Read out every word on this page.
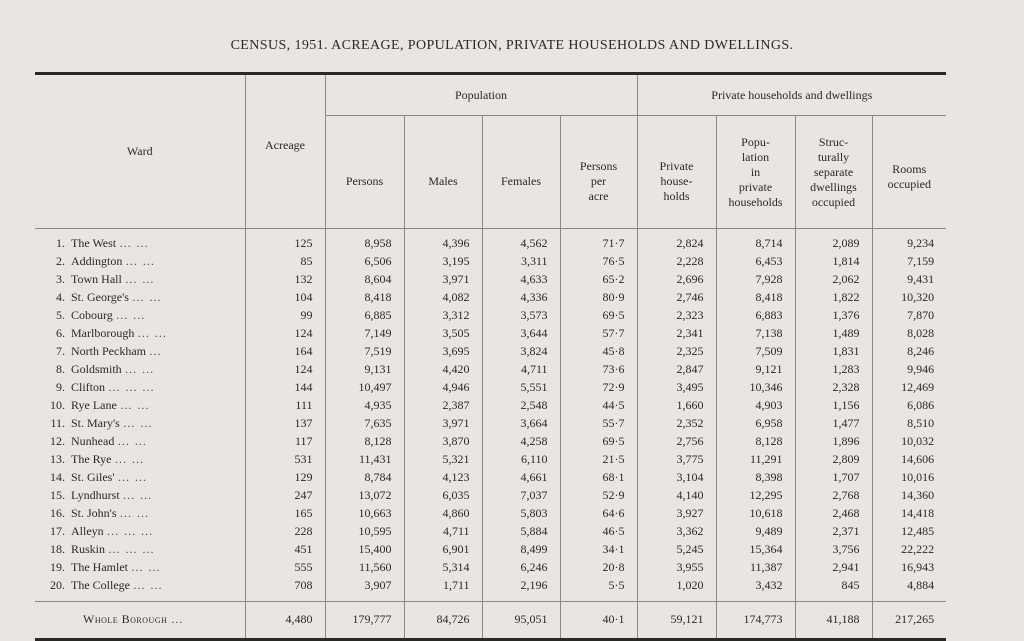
CENSUS, 1951. ACREAGE, POPULATION, PRIVATE HOUSEHOLDS AND DWELLINGS.
Ward		Population				Private households and dwellings			
	Acreage	Persons	Males	Females	Persons
per
acre	Private
house-
holds	Popu-
lation
in
private
households	Struc-
turally
separate
dwellings
occupied	Rooms
occupied

1. The West … …	125	8,958	4,396	4,562	71·7	2,824	8,714	2,089	9,234
2. Addington … …	85	6,506	3,195	3,311	76·5	2,228	6,453	1,814	7,159
3. Town Hall … …	132	8,604	3,971	4,633	65·2	2,696	7,928	2,062	9,431
4. St. George's … …	104	8,418	4,082	4,336	80·9	2,746	8,418	1,822	10,320
5. Cobourg … …	99	6,885	3,312	3,573	69·5	2,323	6,883	1,376	7,870
6. Marlborough … …	124	7,149	3,505	3,644	57·7	2,341	7,138	1,489	8,028
7. North Peckham …	164	7,519	3,695	3,824	45·8	2,325	7,509	1,831	8,246
8. Goldsmith … …	124	9,131	4,420	4,711	73·6	2,847	9,121	1,283	9,946
9. Clifton … … …	144	10,497	4,946	5,551	72·9	3,495	10,346	2,328	12,469
10. Rye Lane … …	111	4,935	2,387	2,548	44·5	1,660	4,903	1,156	6,086
11. St. Mary's … …	137	7,635	3,971	3,664	55·7	2,352	6,958	1,477	8,510
12. Nunhead … …	117	8,128	3,870	4,258	69·5	2,756	8,128	1,896	10,032
13. The Rye … …	531	11,431	5,321	6,110	21·5	3,775	11,291	2,809	14,606
14. St. Giles' … …	129	8,784	4,123	4,661	68·1	3,104	8,398	1,707	10,016
15. Lyndhurst … …	247	13,072	6,035	7,037	52·9	4,140	12,295	2,768	14,360
16. St. John's … …	165	10,663	4,860	5,803	64·6	3,927	10,618	2,468	14,418
17. Alleyn … … …	228	10,595	4,711	5,884	46·5	3,362	9,489	2,371	12,485
18. Ruskin … … …	451	15,400	6,901	8,499	34·1	5,245	15,364	3,756	22,222
19. The Hamlet … …	555	11,560	5,314	6,246	20·8	3,955	11,387	2,941	16,943
20. The College … …	708	3,907	1,711	2,196	5·5	1,020	3,432	845	4,884

Whole Borough …	4,480	179,777	84,726	95,051	40·1	59,121	174,773	41,188	217,265
